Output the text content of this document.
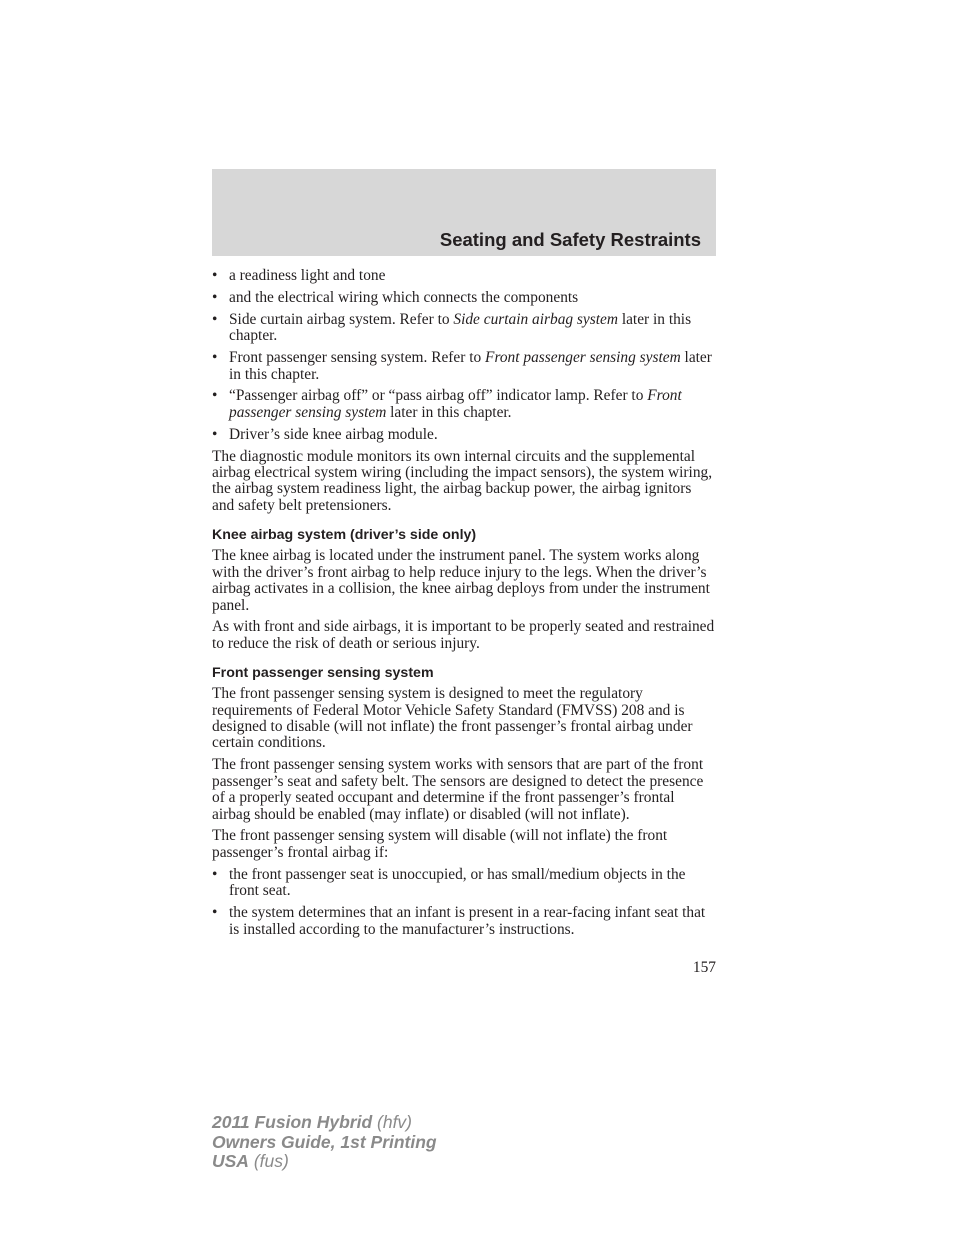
Seating and Safety Restraints
• a readiness light and tone
• and the electrical wiring which connects the components
• Side curtain airbag system. Refer to Side curtain airbag system later in this chapter.
• Front passenger sensing system. Refer to Front passenger sensing system later in this chapter.
• “Passenger airbag off” or “pass airbag off” indicator lamp. Refer to Front passenger sensing system later in this chapter.
• Driver’s side knee airbag module.

The diagnostic module monitors its own internal circuits and the supplemental airbag electrical system wiring (including the impact sensors), the system wiring, the airbag system readiness light, the airbag backup power, the airbag ignitors and safety belt pretensioners.

Knee airbag system (driver’s side only)

The knee airbag is located under the instrument panel. The system works along with the driver’s front airbag to help reduce injury to the legs. When the driver’s airbag activates in a collision, the knee airbag deploys from under the instrument panel.

As with front and side airbags, it is important to be properly seated and restrained to reduce the risk of death or serious injury.

Front passenger sensing system

The front passenger sensing system is designed to meet the regulatory requirements of Federal Motor Vehicle Safety Standard (FMVSS) 208 and is designed to disable (will not inflate) the front passenger’s frontal airbag under certain conditions.

The front passenger sensing system works with sensors that are part of the front passenger’s seat and safety belt. The sensors are designed to detect the presence of a properly seated occupant and determine if the front passenger’s frontal airbag should be enabled (may inflate) or disabled (will not inflate).

The front passenger sensing system will disable (will not inflate) the front passenger’s frontal airbag if:

• the front passenger seat is unoccupied, or has small/medium objects in the front seat.
• the system determines that an infant is present in a rear-facing infant seat that is installed according to the manufacturer’s instructions.
157
2011 Fusion Hybrid (hfv)
Owners Guide, 1st Printing
USA (fus)
